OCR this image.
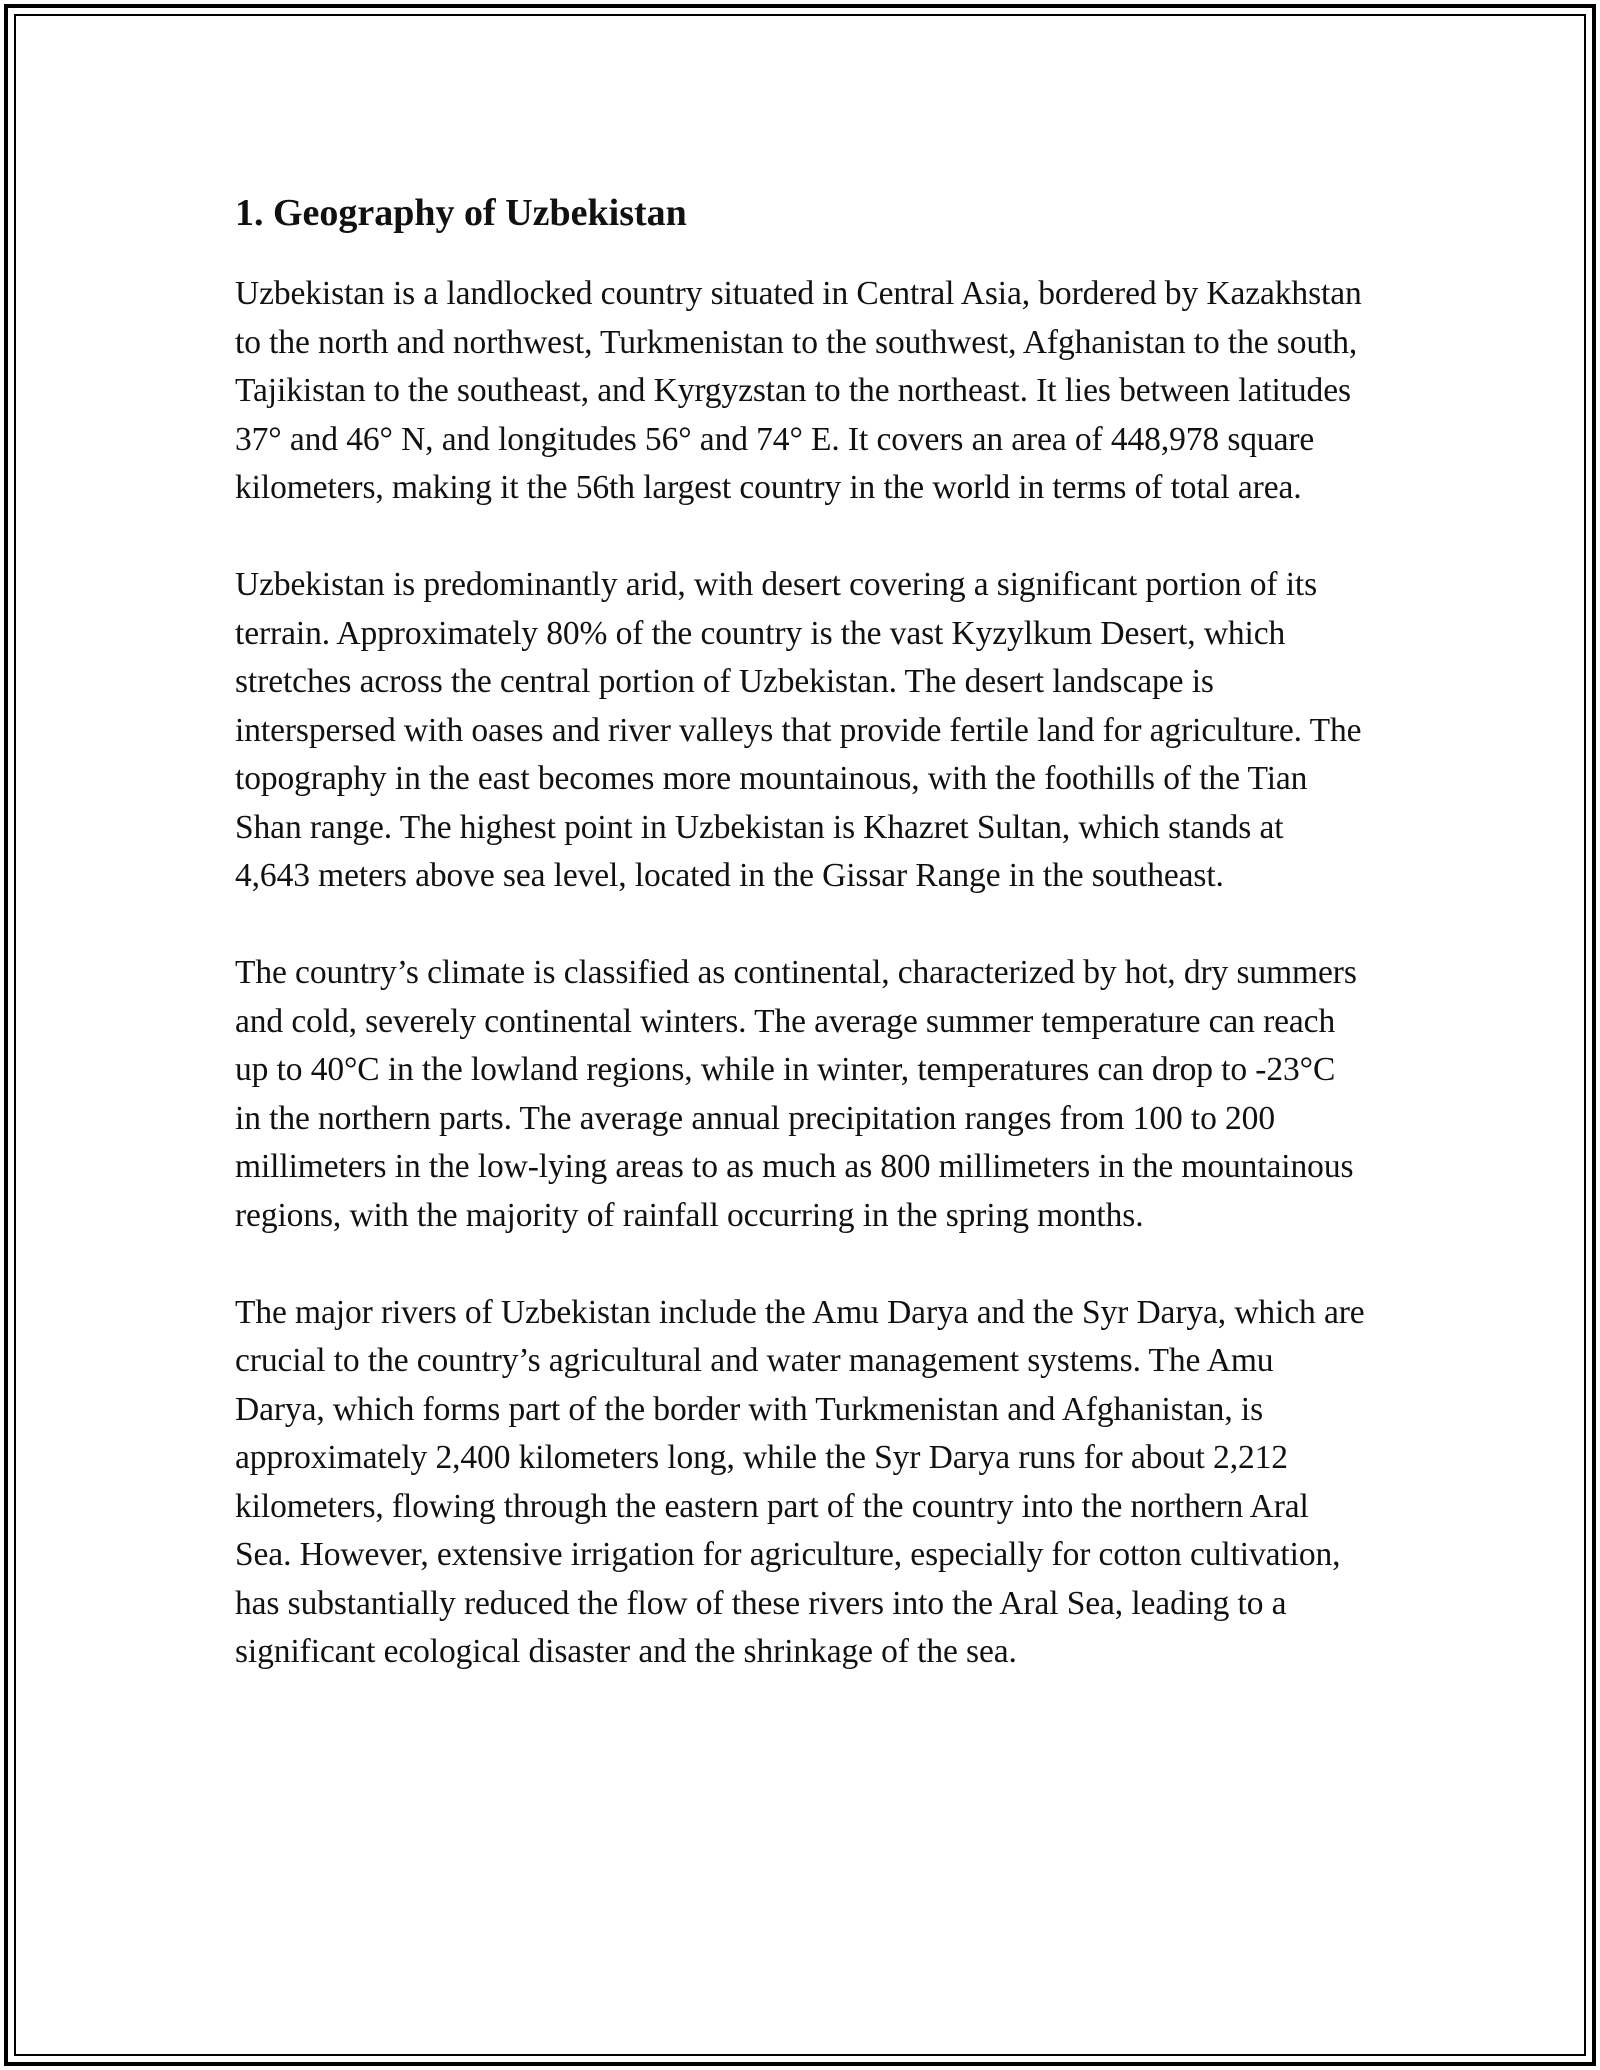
1. Geography of Uzbekistan

Uzbekistan is a landlocked country situated in Central Asia, bordered by Kazakhstan to the north and northwest, Turkmenistan to the southwest, Afghanistan to the south, Tajikistan to the southeast, and Kyrgyzstan to the northeast. It lies between latitudes 37° and 46° N, and longitudes 56° and 74° E. It covers an area of 448,978 square kilometers, making it the 56th largest country in the world in terms of total area.

Uzbekistan is predominantly arid, with desert covering a significant portion of its terrain. Approximately 80% of the country is the vast Kyzylkum Desert, which stretches across the central portion of Uzbekistan. The desert landscape is interspersed with oases and river valleys that provide fertile land for agriculture. The topography in the east becomes more mountainous, with the foothills of the Tian Shan range. The highest point in Uzbekistan is Khazret Sultan, which stands at 4,643 meters above sea level, located in the Gissar Range in the southeast.

The country’s climate is classified as continental, characterized by hot, dry summers and cold, severely continental winters. The average summer temperature can reach up to 40°C in the lowland regions, while in winter, temperatures can drop to -23°C in the northern parts. The average annual precipitation ranges from 100 to 200 millimeters in the low-lying areas to as much as 800 millimeters in the mountainous regions, with the majority of rainfall occurring in the spring months.

The major rivers of Uzbekistan include the Amu Darya and the Syr Darya, which are crucial to the country’s agricultural and water management systems. The Amu Darya, which forms part of the border with Turkmenistan and Afghanistan, is approximately 2,400 kilometers long, while the Syr Darya runs for about 2,212 kilometers, flowing through the eastern part of the country into the northern Aral Sea. However, extensive irrigation for agriculture, especially for cotton cultivation, has substantially reduced the flow of these rivers into the Aral Sea, leading to a significant ecological disaster and the shrinkage of the sea.
